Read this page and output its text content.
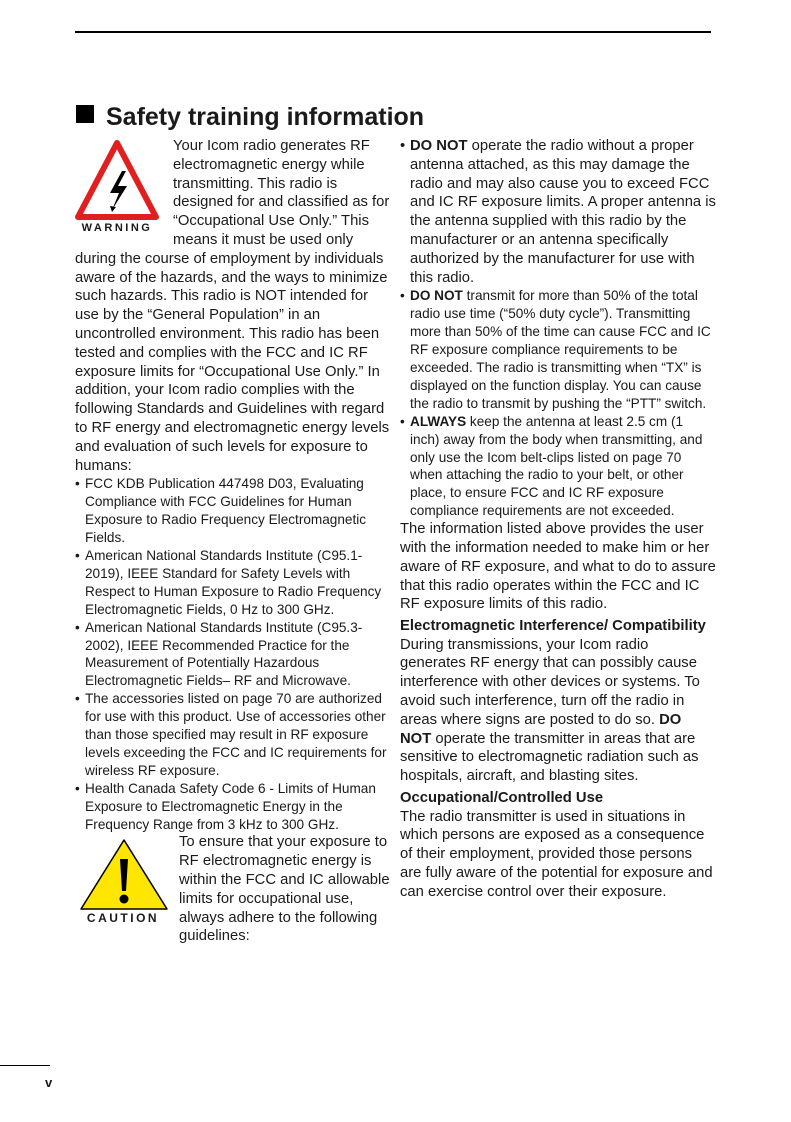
Safety training information
WARNING

Your Icom radio generates RF electromagnetic energy while transmitting. This radio is designed for and classified as for “Occupational Use Only.” This means it must be used only during the course of employment by individuals aware of the hazards, and the ways to minimize such hazards. This radio is NOT intended for use by the “General Population” in an uncontrolled environment. This radio has been tested and complies with the FCC and IC RF exposure limits for “Occupational Use Only.” In addition, your Icom radio complies with the following Standards and Guidelines with regard to RF energy and electromagnetic energy levels and evaluation of such levels for exposure to humans:

• FCC KDB Publication 447498 D03, Evaluating Compliance with FCC Guidelines for Human Exposure to Radio Frequency Electromagnetic Fields.
• American National Standards Institute (C95.1-2019), IEEE Standard for Safety Levels with Respect to Human Exposure to Radio Frequency Electromagnetic Fields, 0 Hz to 300 GHz.
• American National Standards Institute (C95.3-2002), IEEE Recommended Practice for the Measurement of Potentially Hazardous Electromagnetic Fields– RF and Microwave.
• The accessories listed on page 70 are authorized for use with this product. Use of accessories other than those specified may result in RF exposure levels exceeding the FCC and IC requirements for wireless RF exposure.
• Health Canada Safety Code 6 - Limits of Human Exposure to Electromagnetic Energy in the Frequency Range from 3 kHz to 300 GHz.
CAUTION

To ensure that your exposure to RF electromagnetic energy is within the FCC and IC allowable limits for occupational use, always adhere to the following guidelines:

• DO NOT operate the radio without a proper antenna attached, as this may damage the radio and may also cause you to exceed FCC and IC RF exposure limits. A proper antenna is the antenna supplied with this radio by the manufacturer or an antenna specifically authorized by the manufacturer for use with this radio.
• DO NOT transmit for more than 50% of the total radio use time (“50% duty cycle”). Transmitting more than 50% of the time can cause FCC and IC RF exposure compliance requirements to be exceeded. The radio is transmitting when “TX” is displayed on the function display. You can cause the radio to transmit by pushing the “PTT” switch.
• ALWAYS keep the antenna at least 2.5 cm (1 inch) away from the body when transmitting, and only use the Icom belt-clips listed on page 70 when attaching the radio to your belt, or other place, to ensure FCC and IC RF exposure compliance requirements are not exceeded.

The information listed above provides the user with the information needed to make him or her aware of RF exposure, and what to do to assure that this radio operates within the FCC and IC RF exposure limits of this radio.

Electromagnetic Interference/ Compatibility

During transmissions, your Icom radio generates RF energy that can possibly cause interference with other devices or systems. To avoid such interference, turn off the radio in areas where signs are posted to do so. DO NOT operate the transmitter in areas that are sensitive to electromagnetic radiation such as hospitals, aircraft, and blasting sites.

Occupational/Controlled Use

The radio transmitter is used in situations in which persons are exposed as a consequence of their employment, provided those persons are fully aware of the potential for exposure and can exercise control over their exposure.

v
